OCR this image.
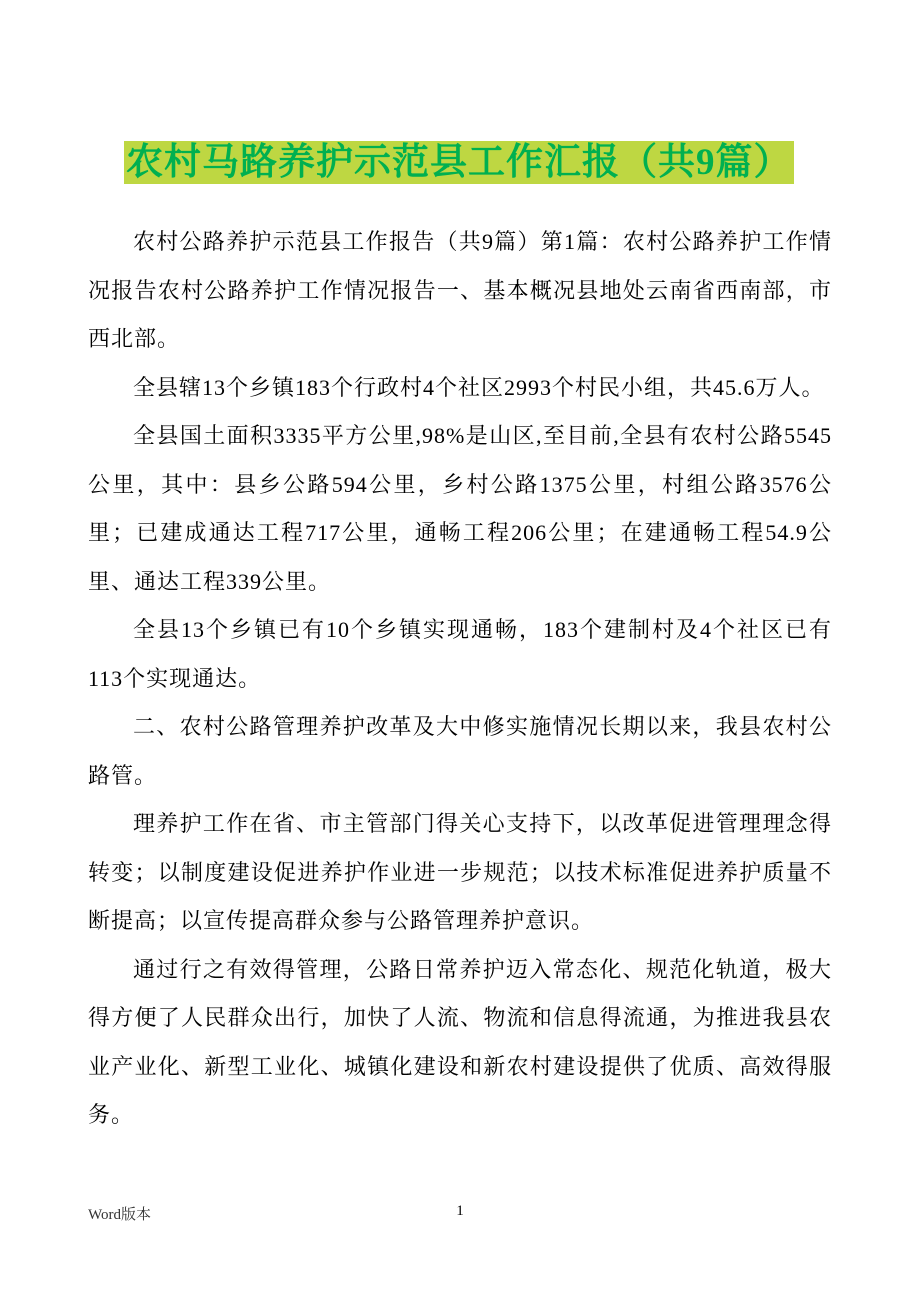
农村马路养护示范县工作汇报（共9篇）

农村公路养护示范县工作报告（共9篇）第1篇：农村公路养护工作情况报告农村公路养护工作情况报告一、基本概况县地处云南省西南部，市西北部。

全县辖13个乡镇183个行政村4个社区2993个村民小组，共45.6万人。

全县国土面积3335平方公里,98%是山区,至目前,全县有农村公路5545公里，其中：县乡公路594公里，乡村公路1375公里，村组公路3576公里；已建成通达工程717公里，通畅工程206公里；在建通畅工程54.9公里、通达工程339公里。

全县13个乡镇已有10个乡镇实现通畅，183个建制村及4个社区已有113个实现通达。

二、农村公路管理养护改革及大中修实施情况长期以来，我县农村公路管。

理养护工作在省、市主管部门得关心支持下，以改革促进管理理念得转变；以制度建设促进养护作业进一步规范；以技术标准促进养护质量不断提高；以宣传提高群众参与公路管理养护意识。

通过行之有效得管理，公路日常养护迈入常态化、规范化轨道，极大得方便了人民群众出行，加快了人流、物流和信息得流通，为推进我县农业产业化、新型工业化、城镇化建设和新农村建设提供了优质、高效得服务。

Word版本	1
